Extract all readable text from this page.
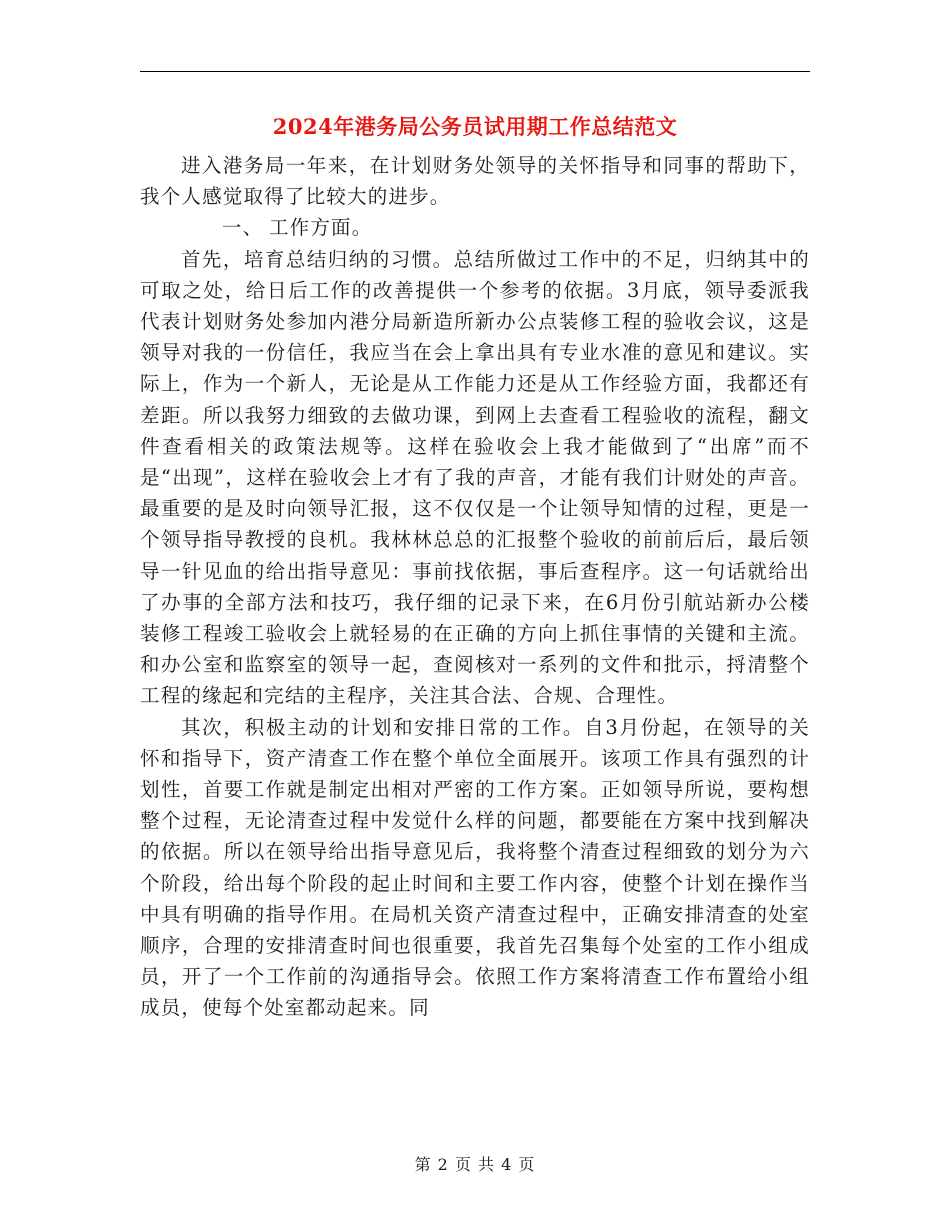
2024年港务局公务员试用期工作总结范文

进入港务局一年来，在计划财务处领导的关怀指导和同事的帮助下，我个人感觉取得了比较大的进步。

一、 工作方面。

首先，培育总结归纳的习惯。总结所做过工作中的不足，归纳其中的可取之处，给日后工作的改善提供一个参考的依据。3月底，领导委派我代表计划财务处参加内港分局新造所新办公点装修工程的验收会议，这是领导对我的一份信任，我应当在会上拿出具有专业水准的意见和建议。实际上，作为一个新人，无论是从工作能力还是从工作经验方面，我都还有差距。所以我努力细致的去做功课，到网上去查看工程验收的流程，翻文件查看相关的政策法规等。这样在验收会上我才能做到了“出席”而不是“出现”，这样在验收会上才有了我的声音，才能有我们计财处的声音。最重要的是及时向领导汇报，这不仅仅是一个让领导知情的过程，更是一个领导指导教授的良机。我林林总总的汇报整个验收的前前后后，最后领导一针见血的给出指导意见：事前找依据，事后查程序。这一句话就给出了办事的全部方法和技巧，我仔细的记录下来，在6月份引航站新办公楼装修工程竣工验收会上就轻易的在正确的方向上抓住事情的关键和主流。和办公室和监察室的领导一起，查阅核对一系列的文件和批示，捋清整个工程的缘起和完结的主程序，关注其合法、合规、合理性。

其次，积极主动的计划和安排日常的工作。自3月份起，在领导的关怀和指导下，资产清查工作在整个单位全面展开。该项工作具有强烈的计划性，首要工作就是制定出相对严密的工作方案。正如领导所说，要构想整个过程，无论清查过程中发觉什么样的问题，都要能在方案中找到解决的依据。所以在领导给出指导意见后，我将整个清查过程细致的划分为六个阶段，给出每个阶段的起止时间和主要工作内容，使整个计划在操作当中具有明确的指导作用。在局机关资产清查过程中，正确安排清查的处室顺序，合理的安排清查时间也很重要，我首先召集每个处室的工作小组成员，开了一个工作前的沟通指导会。依照工作方案将清查工作布置给小组成员，使每个处室都动起来。同

第 2 页 共 4 页
